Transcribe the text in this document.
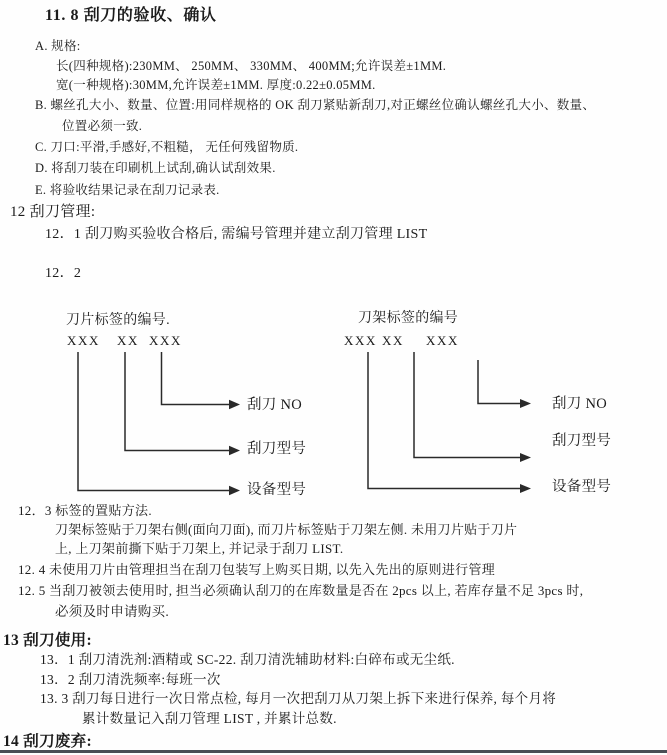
11. 8 刮刀的验收、确认
A. 规格:
长(四种规格):230MM、 250MM、 330MM、 400MM;允许误差±1MM.
宽(一种规格):30MM,允许误差±1MM. 厚度:0.22±0.05MM.
B. 螺丝孔大小、数量、位置:用同样规格的 OK 刮刀紧贴新刮刀,对正螺丝位确认螺丝孔大小、数量、
位置必须一致.
C. 刀口:平滑,手感好,不粗糙， 无任何残留物质.
D. 将刮刀装在印刷机上试刮,确认试刮效果.
E. 将验收结果记录在刮刀记录表.
12 刮刀管理:
12．1 刮刀购买验收合格后, 需编号管理并建立刮刀管理 LIST
12．2
刀片标签的编号.
XXX XX XXX
刮刀 NO
刮刀型号
设备型号
刀架标签的编号
XXX XX XXX
刮刀 NO
刮刀型号
设备型号
12．3 标签的置贴方法.
刀架标签贴于刀架右侧(面向刀面), 而刀片标签贴于刀架左侧. 未用刀片贴于刀片
上, 上刀架前撕下贴于刀架上, 并记录于刮刀 LIST.
12. 4 未使用刀片由管理担当在刮刀包装写上购买日期, 以先入先出的原则进行管理
12. 5 当刮刀被领去使用时, 担当必须确认刮刀的在库数量是否在 2pcs 以上, 若库存量不足 3pcs 时,
必须及时申请购买.
13 刮刀使用:
13．1 刮刀清洗剂:酒精或 SC-22. 刮刀清洗辅助材料:白碎布或无尘纸.
13．2 刮刀清洗频率:每班一次
13. 3 刮刀每日进行一次日常点检, 每月一次把刮刀从刀架上拆下来进行保养, 每个月将
累计数量记入刮刀管理 LIST , 并累计总数.
14 刮刀废弃:
